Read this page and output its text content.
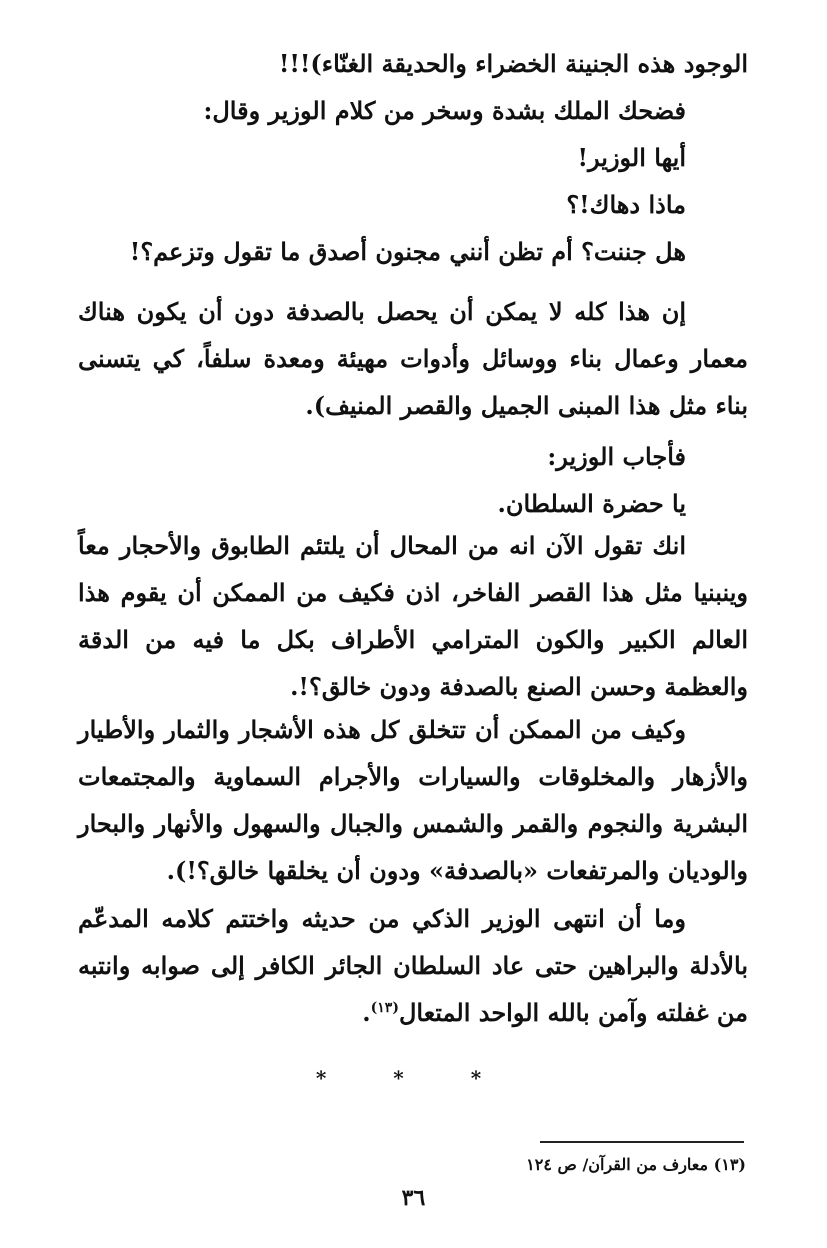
الوجود هذه الجنينة الخضراء والحديقة الغنّاء)!!!

فضحك الملك بشدة وسخر من كلام الوزير وقال:

أيها الوزير!

ماذا دهاك!؟

هل جننت؟ أم تظن أنني مجنون أصدق ما تقول وتزعم؟!

إن هذا كله لا يمكن أن يحصل بالصدفة دون أن يكون هناك معمار وعمال بناء ووسائل وأدوات مهيئة ومعدة سلفاً، كي يتسنى بناء مثل هذا المبنى الجميل والقصر المنيف).

فأجاب الوزير:

يا حضرة السلطان.

انك تقول الآن انه من المحال أن يلتئم الطابوق والأحجار معاً وينبنيا مثل هذا القصر الفاخر، اذن فكيف من الممكن أن يقوم هذا العالم الكبير والكون المترامي الأطراف بكل ما فيه من الدقة والعظمة وحسن الصنع بالصدفة ودون خالق؟!.

وكيف من الممكن أن تتخلق كل هذه الأشجار والثمار والأطيار والأزهار والمخلوقات والسيارات والأجرام السماوية والمجتمعات البشرية والنجوم والقمر والشمس والجبال والسهول والأنهار والبحار والوديان والمرتفعات «بالصدفة» ودون أن يخلقها خالق؟!).

وما أن انتهى الوزير الذكي من حديثه واختتم كلامه المدعّم بالأدلة والبراهين حتى عاد السلطان الجائر الكافر إلى صوابه وانتبه من غفلته وآمن بالله الواحد المتعال$^{(١٣)}$.

* * *
(١٣) معارف من القرآن/ ص ١٢٤
٣٦
